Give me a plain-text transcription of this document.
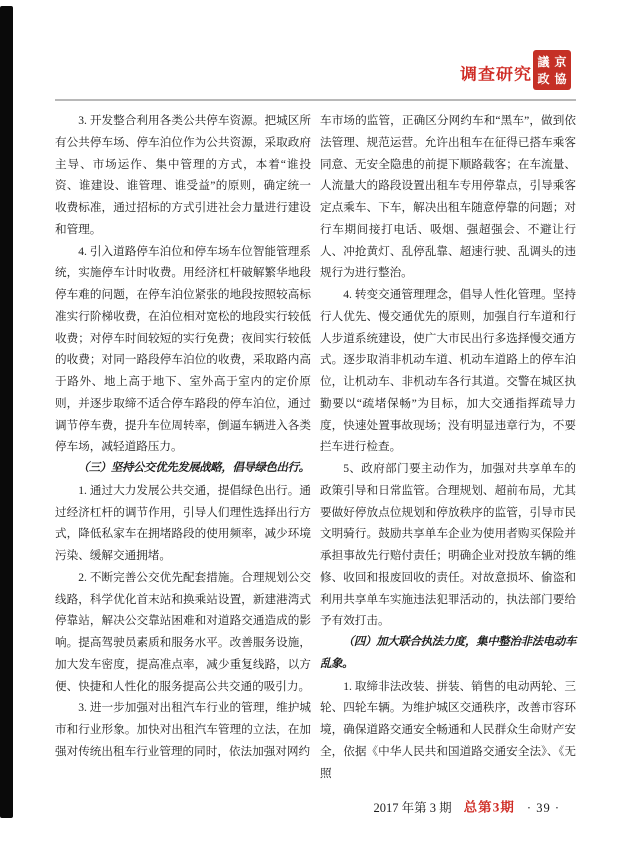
调查研究
議 京
政 協

3. 开发整合利用各类公共停车资源。把城区所有公共停车场、停车泊位作为公共资源，采取政府主导、市场运作、集中管理的方式，本着“谁投资、谁建设、谁管理、谁受益”的原则，确定统一收费标准，通过招标的方式引进社会力量进行建设和管理。

4. 引入道路停车泊位和停车场车位智能管理系统，实施停车计时收费。用经济杠杆破解繁华地段停车难的问题，在停车泊位紧张的地段按照较高标准实行阶梯收费，在泊位相对宽松的地段实行较低收费；对停车时间较短的实行免费；夜间实行较低的收费；对同一路段停车泊位的收费，采取路内高于路外、地上高于地下、室外高于室内的定价原则，并逐步取缔不适合停车路段的停车泊位，通过调节停车费，提升车位周转率，倒逼车辆进入各类停车场，减轻道路压力。

（三）坚持公交优先发展战略，倡导绿色出行。

1. 通过大力发展公共交通，提倡绿色出行。通过经济杠杆的调节作用，引导人们理性选择出行方式，降低私家车在拥堵路段的使用频率，减少环境污染、缓解交通拥堵。

2. 不断完善公交优先配套措施。合理规划公交线路，科学优化首末站和换乘站设置，新建港湾式停靠站，解决公交靠站困难和对道路交通造成的影响。提高驾驶员素质和服务水平。改善服务设施，加大发车密度，提高准点率，减少重复线路，以方便、快捷和人性化的服务提高公共交通的吸引力。

3. 进一步加强对出租汽车行业的管理，维护城市和行业形象。加快对出租汽车管理的立法，在加强对传统出租车行业管理的同时，依法加强对网约

车市场的监管，正确区分网约车和“黑车”，做到依法管理、规范运营。允许出租车在征得已搭车乘客同意、无安全隐患的前提下顺路载客；在车流量、人流量大的路段设置出租车专用停靠点，引导乘客定点乘车、下车，解决出租车随意停靠的问题；对行车期间接打电话、吸烟、强超强会、不避让行人、冲抢黄灯、乱停乱靠、超速行驶、乱调头的违规行为进行整治。

4. 转变交通管理理念，倡导人性化管理。坚持行人优先、慢交通优先的原则，加强自行车道和行人步道系统建设，使广大市民出行多选择慢交通方式。逐步取消非机动车道、机动车道路上的停车泊位，让机动车、非机动车各行其道。交警在城区执勤要以“疏堵保畅”为目标，加大交通指挥疏导力度，快速处置事故现场；没有明显违章行为，不要拦车进行检查。

5、政府部门要主动作为，加强对共享单车的政策引导和日常监管。合理规划、超前布局，尤其要做好停放点位规划和停放秩序的监管，引导市民文明骑行。鼓励共享单车企业为使用者购买保险并承担事故先行赔付责任；明确企业对投放车辆的维修、收回和报废回收的责任。对故意损坏、偷盗和利用共享单车实施违法犯罪活动的，执法部门要给予有效打击。

（四）加大联合执法力度，集中整治非法电动车乱象。

1. 取缔非法改装、拼装、销售的电动两轮、三轮、四轮车辆。为维护城区交通秩序，改善市容环境，确保道路交通安全畅通和人民群众生命财产安全，依据《中华人民共和国道路交通安全法》、《无照

2017 年第 3 期 总第3期 · 39 ·
